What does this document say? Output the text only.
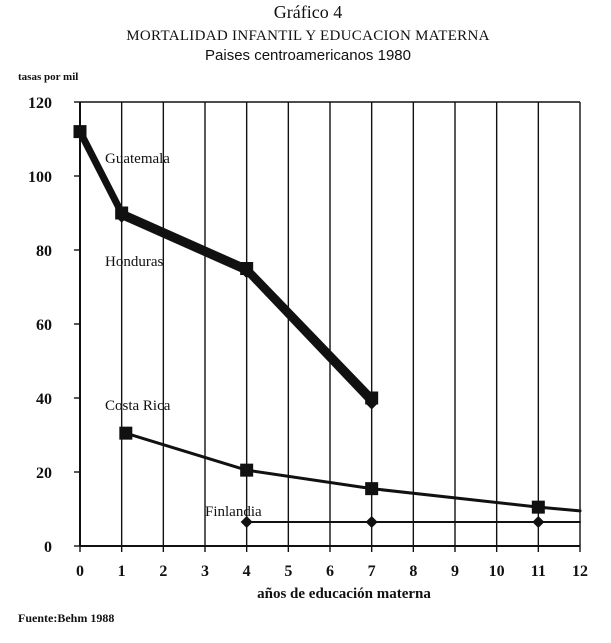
Gráfico 4
MORTALIDAD INFANTIL Y EDUCACION MATERNA
Paises centroamericanos 1980
tasas por mil
años de educación materna
Fuente:Behm 1988
0 1 2 3 4 5 6 7 8 9 10 11 12
0
20
40
60
80
100
120
Guatemala
Honduras
Costa Rica
Finlandia
